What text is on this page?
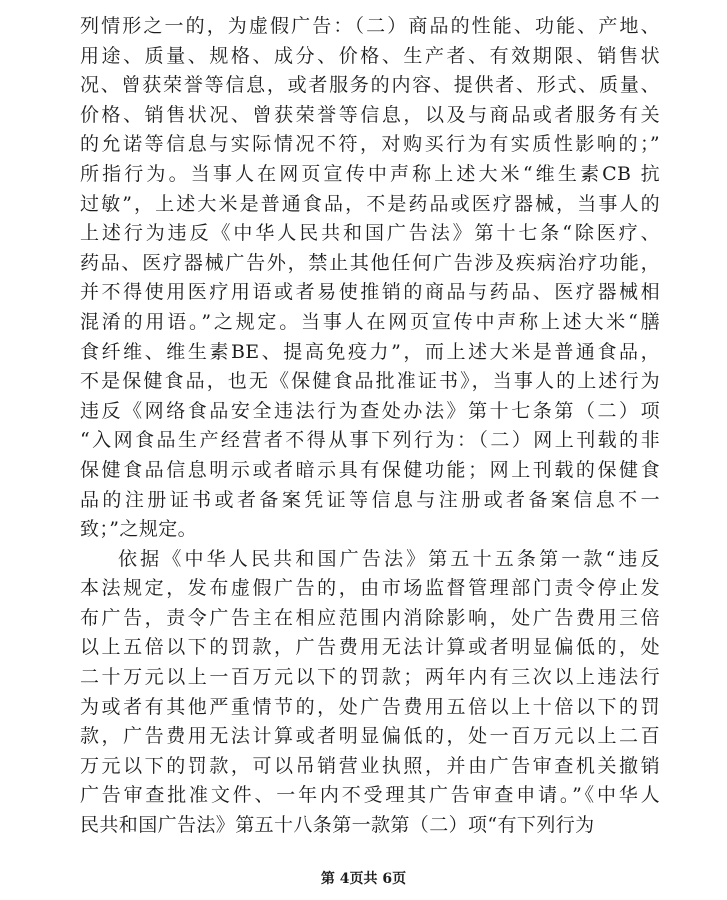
列情形之一的，为虚假广告：（二）商品的性能、功能、产地、
用途、质量、规格、成分、价格、生产者、有效期限、销售状
况、曾获荣誉等信息，或者服务的内容、提供者、形式、质量、
价格、销售状况、曾获荣誉等信息，以及与商品或者服务有关
的允诺等信息与实际情况不符，对购买行为有实质性影响的；”
所指行为。当事人在网页宣传中声称上述大米“维生素CB 抗
过敏”，上述大米是普通食品，不是药品或医疗器械，当事人的
上述行为违反《中华人民共和国广告法》第十七条“除医疗、
药品、医疗器械广告外，禁止其他任何广告涉及疾病治疗功能，
并不得使用医疗用语或者易使推销的商品与药品、医疗器械相
混淆的用语。”之规定。当事人在网页宣传中声称上述大米“膳
食纤维、维生素BE、提高免疫力”，而上述大米是普通食品，
不是保健食品，也无《保健食品批准证书》，当事人的上述行为
违反《网络食品安全违法行为查处办法》第十七条第（二）项
“入网食品生产经营者不得从事下列行为：（二）网上刊载的非
保健食品信息明示或者暗示具有保健功能；网上刊载的保健食
品的注册证书或者备案凭证等信息与注册或者备案信息不一
致；”之规定。
依据《中华人民共和国广告法》第五十五条第一款“违反
本法规定，发布虚假广告的，由市场监督管理部门责令停止发
布广告，责令广告主在相应范围内消除影响，处广告费用三倍
以上五倍以下的罚款，广告费用无法计算或者明显偏低的，处
二十万元以上一百万元以下的罚款；两年内有三次以上违法行
为或者有其他严重情节的，处广告费用五倍以上十倍以下的罚
款，广告费用无法计算或者明显偏低的，处一百万元以上二百
万元以下的罚款，可以吊销营业执照，并由广告审查机关撤销
广告审查批准文件、一年内不受理其广告审查申请。”《中华人
民共和国广告法》第五十八条第一款第（二）项“有下列行为
第 4页共 6页
